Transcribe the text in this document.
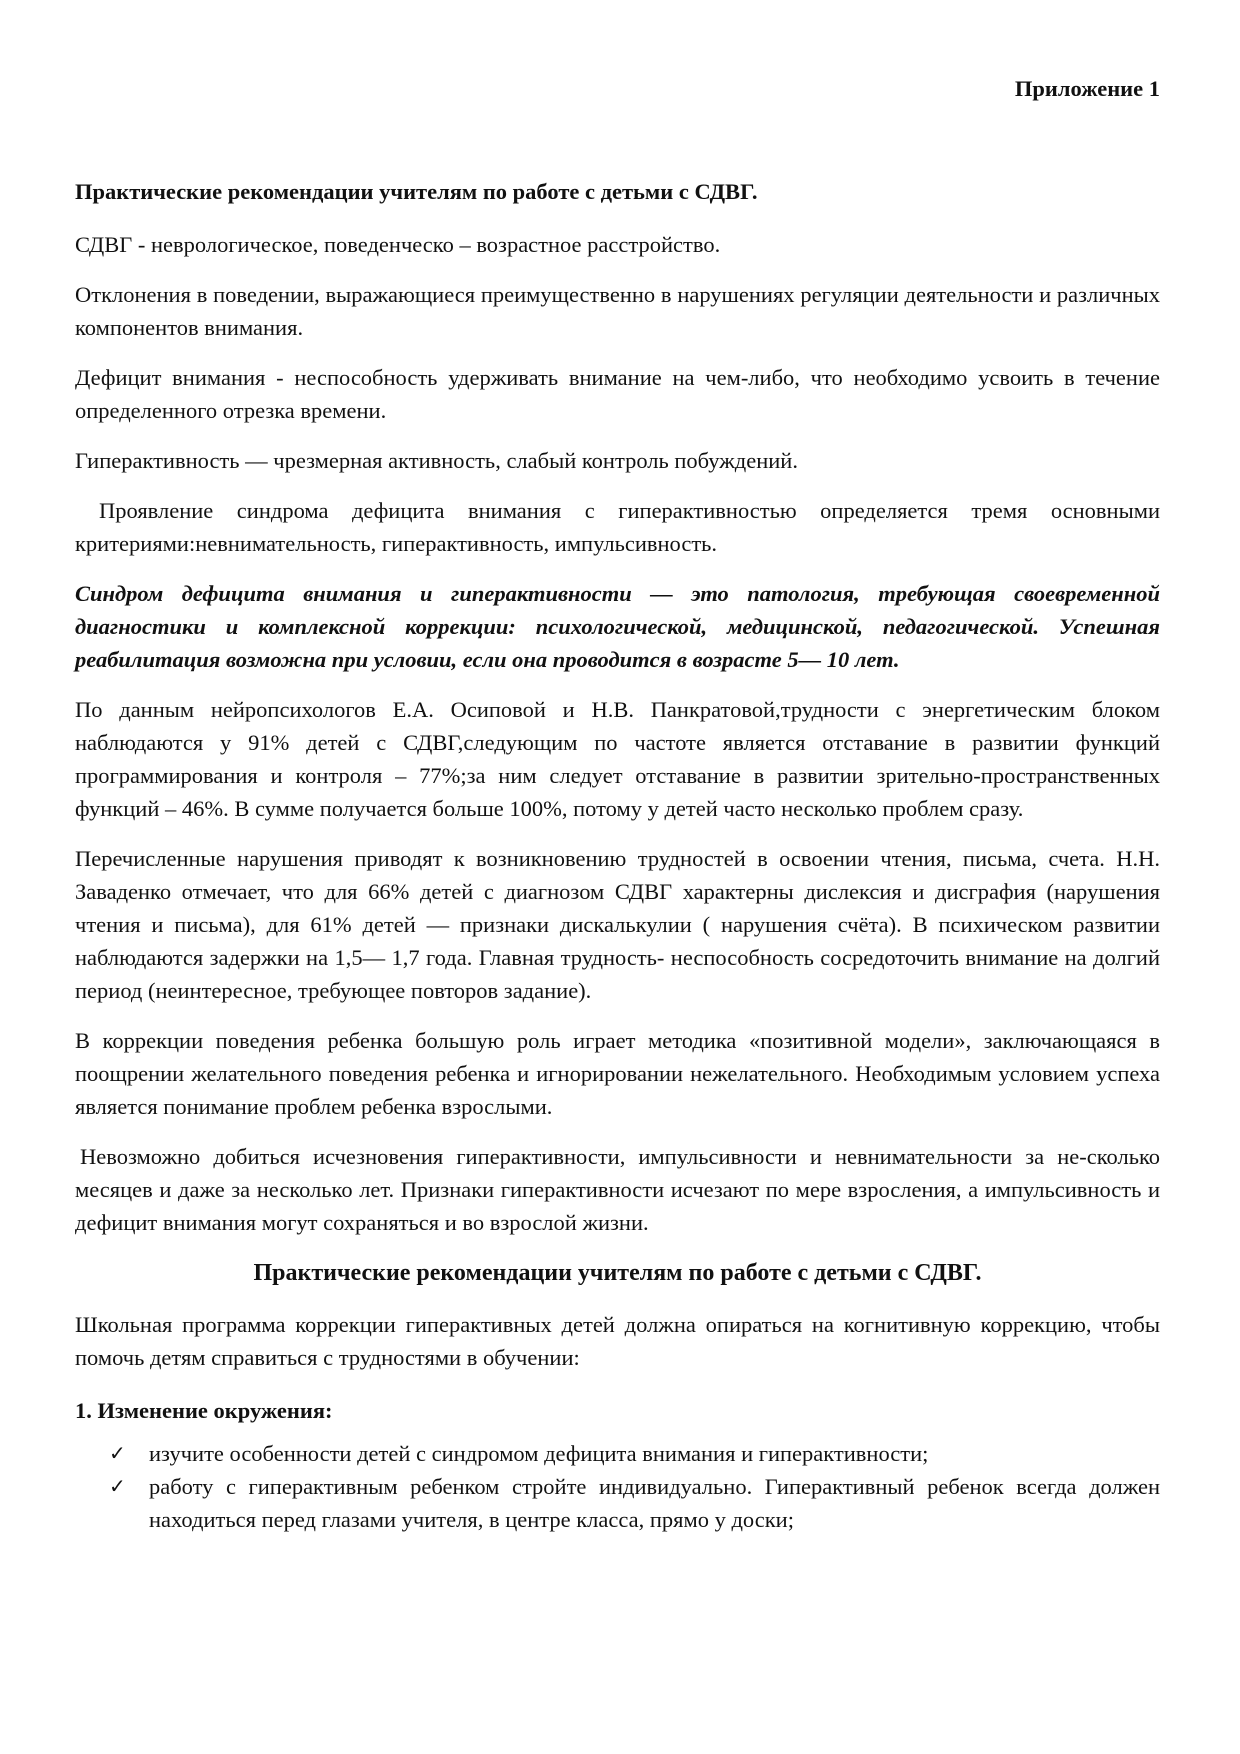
Приложение 1

Практические рекомендации учителям по работе с детьми с СДВГ.

СДВГ - неврологическое, поведенческо – возрастное расстройство.

Отклонения в поведении, выражающиеся преимущественно в нарушениях регуляции деятельности и различных компонентов внимания.

Дефицит внимания - неспособность удерживать внимание на чем-либо, что необходимо усвоить в течение определенного отрезка времени.

Гиперактивность — чрезмерная активность, слабый контроль побуждений.

Проявление синдрома дефицита внимания с гиперактивностью определяется тремя основными критериями:невнимательность, гиперактивность, импульсивность.

Синдром дефицита внимания и гиперактивности — это патология, требующая своевременной диагностики и комплексной коррекции: психологической, медицинской, педагогической. Успешная реабилитация возможна при условии, если она проводится в возрасте 5— 10 лет.

По данным нейропсихологов Е.А. Осиповой и Н.В. Панкратовой,трудности с энергетическим блоком наблюдаются у 91% детей с СДВГ,следующим по частоте является отставание в развитии функций программирования и контроля – 77%;за ним следует отставание в развитии зрительно-пространственных функций – 46%. В сумме получается больше 100%, потому у детей часто несколько проблем сразу.

Перечисленные нарушения приводят к возникновению трудностей в освоении чтения, письма, счета. Н.Н. Заваденко отмечает, что для 66% детей с диагнозом СДВГ характерны дислексия и дисграфия (нарушения чтения и письма), для 61% детей — признаки дискалькулии ( нарушения счёта). В психическом развитии наблюдаются задержки на 1,5— 1,7 года. Главная трудность- неспособность сосредоточить внимание на долгий период (неинтересное, требующее повторов задание).

В коррекции поведения ребенка большую роль играет методика «позитивной модели», заключающаяся в поощрении желательного поведения ребенка и игнорировании нежелательного. Необходимым условием успеха является понимание проблем ребенка взрослыми.

Невозможно добиться исчезновения гиперактивности, импульсивности и невнимательности за не-сколько месяцев и даже за несколько лет. Признаки гиперактивности исчезают по мере взросления, а импульсивность и дефицит внимания могут сохраняться и во взрослой жизни.

Практические рекомендации учителям по работе с детьми с СДВГ.

Школьная программа коррекции гиперактивных детей должна опираться на когнитивную коррекцию, чтобы помочь детям справиться с трудностями в обучении:

1. Изменение окружения:

✓ изучите особенности детей с синдромом дефицита внимания и гиперактивности;
✓ работу с гиперактивным ребенком стройте индивидуально. Гиперактивный ребенок всегда должен находиться перед глазами учителя, в центре класса, прямо у доски;
